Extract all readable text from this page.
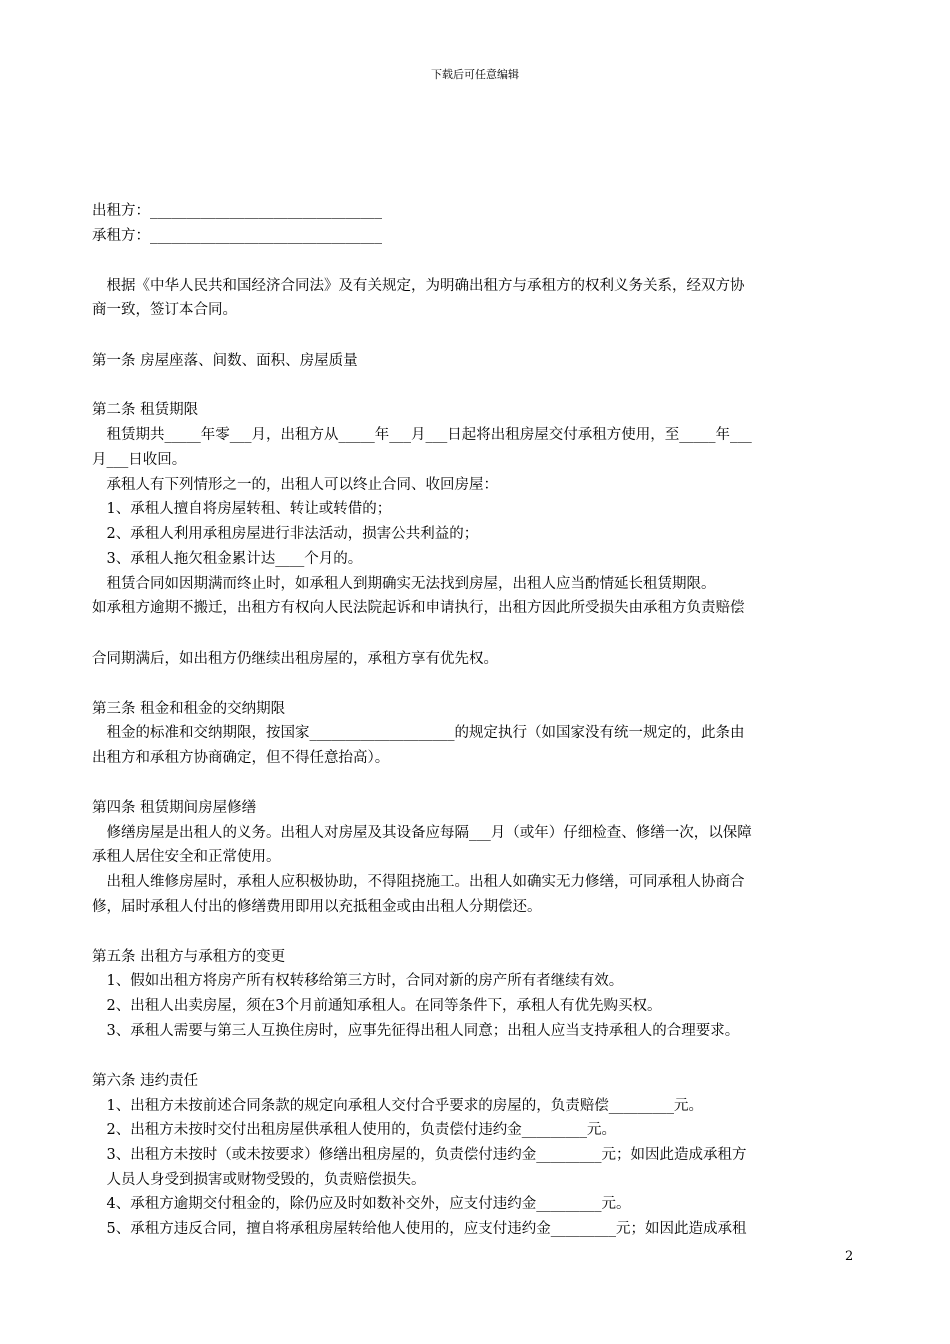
下载后可任意编辑
出租方：________________________________
承租方：________________________________
　根据《中华人民共和国经济合同法》及有关规定，为明确出租方与承租方的权利义务关系，经双方协
商一致，签订本合同。
第一条 房屋座落、间数、面积、房屋质量
第二条 租赁期限
　租赁期共_____年零___月，出租方从_____年___月___日起将出租房屋交付承租方使用，至_____年___
月___日收回。
　承租人有下列情形之一的，出租人可以终止合同、收回房屋：
　1、承租人擅自将房屋转租、转让或转借的；
　2、承租人利用承租房屋进行非法活动，损害公共利益的；
　3、承租人拖欠租金累计达____个月的。
　租赁合同如因期满而终止时，如承租人到期确实无法找到房屋，出租人应当酌情延长租赁期限。
如承租方逾期不搬迁，出租方有权向人民法院起诉和申请执行，出租方因此所受损失由承租方负责赔偿
合同期满后，如出租方仍继续出租房屋的，承租方享有优先权。
第三条 租金和租金的交纳期限
　租金的标准和交纳期限，按国家____________________的规定执行（如国家没有统一规定的，此条由
出租方和承租方协商确定，但不得任意抬高）。
第四条 租赁期间房屋修缮
　修缮房屋是出租人的义务。出租人对房屋及其设备应每隔___月（或年）仔细检查、修缮一次，以保障
承租人居住安全和正常使用。
　出租人维修房屋时，承租人应积极协助，不得阻挠施工。出租人如确实无力修缮，可同承租人协商合
修，届时承租人付出的修缮费用即用以充抵租金或由出租人分期偿还。
第五条 出租方与承租方的变更
　1、假如出租方将房产所有权转移给第三方时，合同对新的房产所有者继续有效。
　2、出租人出卖房屋，须在3个月前通知承租人。在同等条件下，承租人有优先购买权。
　3、承租人需要与第三人互换住房时，应事先征得出租人同意；出租人应当支持承租人的合理要求。
第六条 违约责任
　1、出租方未按前述合同条款的规定向承租人交付合乎要求的房屋的，负责赔偿_________元。
　2、出租方未按时交付出租房屋供承租人使用的，负责偿付违约金_________元。
　3、出租方未按时（或未按要求）修缮出租房屋的，负责偿付违约金_________元；如因此造成承租方
　人员人身受到损害或财物受毁的，负责赔偿损失。
　4、承租方逾期交付租金的，除仍应及时如数补交外，应支付违约金_________元。
　5、承租方违反合同，擅自将承租房屋转给他人使用的，应支付违约金_________元；如因此造成承租
2
